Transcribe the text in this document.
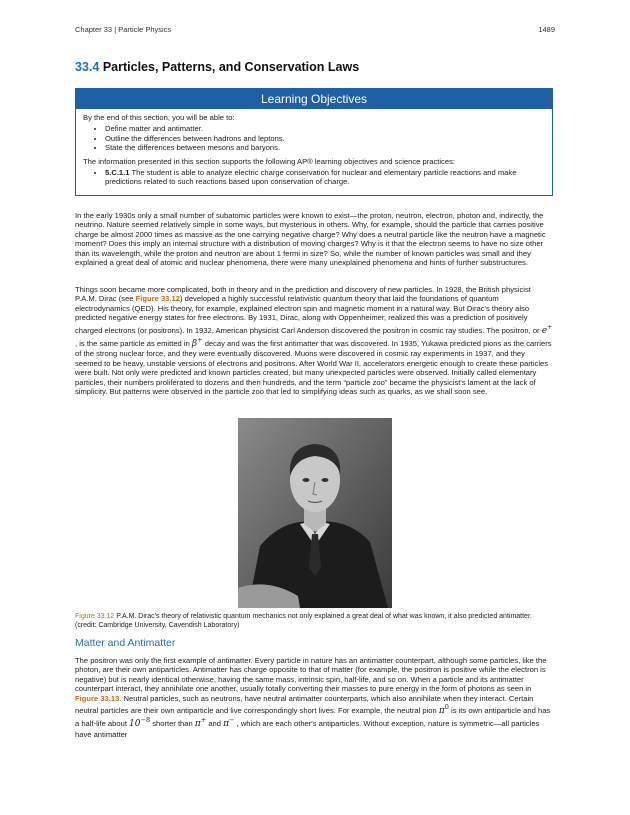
Chapter 33 | Particle Physics	1489
33.4 Particles, Patterns, and Conservation Laws
Learning Objectives

By the end of this section, you will be able to:

• Define matter and antimatter.
• Outline the differences between hadrons and leptons.
• State the differences between mesons and baryons.

The information presented in this section supports the following AP® learning objectives and science practices:

• 5.C.1.1 The student is able to analyze electric charge conservation for nuclear and elementary particle reactions and make predictions related to such reactions based upon conservation of charge.

In the early 1930s only a small number of subatomic particles were known to exist—the proton, neutron, electron, photon and, indirectly, the neutrino. Nature seemed relatively simple in some ways, but mysterious in others. Why, for example, should the particle that carries positive charge be almost 2000 times as massive as the one carrying negative charge? Why does a neutral particle like the neutron have a magnetic moment? Does this imply an internal structure with a distribution of moving charges? Why is it that the electron seems to have no size other than its wavelength, while the proton and neutron are about 1 fermi in size? So, while the number of known particles was small and they explained a great deal of atomic and nuclear phenomena, there were many unexplained phenomena and hints of further substructures.

Things soon became more complicated, both in theory and in the prediction and discovery of new particles. In 1928, the British physicist P.A.M. Dirac (see Figure 33.12) developed a highly successful relativistic quantum theory that laid the foundations of quantum electrodynamics (QED). His theory, for example, explained electron spin and magnetic moment in a natural way. But Dirac's theory also predicted negative energy states for free electrons. By 1931, Dirac, along with Oppenheimer, realized this was a prediction of positively charged electrons (or positrons). In 1932, American physicist Carl Anderson discovered the positron in cosmic ray studies. The positron, or e+ , is the same particle as emitted in β+ decay and was the first antimatter that was discovered. In 1935, Yukawa predicted pions as the carriers of the strong nuclear force, and they were eventually discovered. Muons were discovered in cosmic ray experiments in 1937, and they seemed to be heavy, unstable versions of electrons and positrons. After World War II, accelerators energetic enough to create these particles were built. Not only were predicted and known particles created, but many unexpected particles were observed. Initially called elementary particles, their numbers proliferated to dozens and then hundreds, and the term “particle zoo” became the physicist's lament at the lack of simplicity. But patterns were observed in the particle zoo that led to simplifying ideas such as quarks, as we shall soon see.

Figure 33.12 P.A.M. Dirac's theory of relativistic quantum mechanics not only explained a great deal of what was known, it also predicted antimatter. (credit: Cambridge University, Cavendish Laboratory)
Matter and Antimatter

The positron was only the first example of antimatter. Every particle in nature has an antimatter counterpart, although some particles, like the photon, are their own antiparticles. Antimatter has charge opposite to that of matter (for example, the positron is positive while the electron is negative) but is nearly identical otherwise, having the same mass, intrinsic spin, half-life, and so on. When a particle and its antimatter counterpart interact, they annihilate one another, usually totally converting their masses to pure energy in the form of photons as seen in Figure 33.13. Neutral particles, such as neutrons, have neutral antimatter counterparts, which also annihilate when they interact. Certain neutral particles are their own antiparticle and live correspondingly short lives. For example, the neutral pion $\pi^0$ is its own antiparticle and has a half-life about $10^{-8}$ shorter than π+ and π− , which are each other's antiparticles. Without exception, nature is symmetric—all particles have antimatter
